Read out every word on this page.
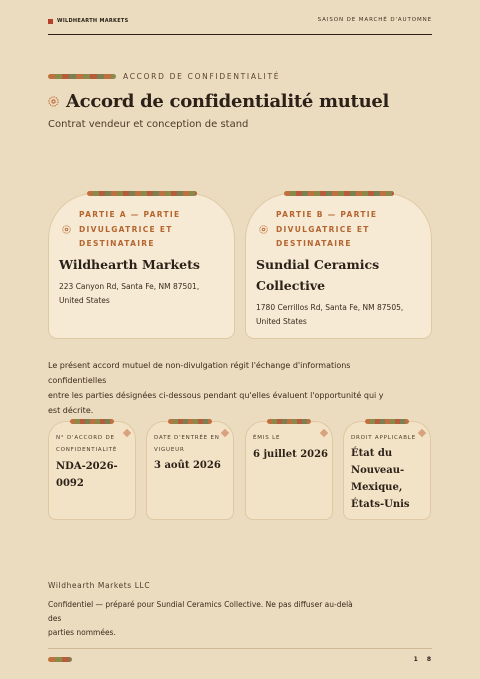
WILDHEARTH MARKETS	SAISON DE MARCHÉ D'AUTOMNE
ACCORD DE CONFIDENTIALITÉ
Accord de confidentialité mutuel
Contrat vendeur et conception de stand
PARTIE A — PARTIE
DIVULGATRICE ET
DESTINATAIRE
Wildhearth Markets
223 Canyon Rd, Santa Fe, NM 87501,
United States
PARTIE B — PARTIE
DIVULGATRICE ET
DESTINATAIRE
Sundial Ceramics
Collective
1780 Cerrillos Rd, Santa Fe, NM 87505,
United States
Le présent accord mutuel de non-divulgation régit l'échange d'informations confidentielles
entre les parties désignées ci-dessous pendant qu'elles évaluent l'opportunité qui y
est décrite.
N° D'ACCORD DE
CONFIDENTIALITÉ
NDA-2026-
0092
DATE D'ENTRÉE EN
VIGUEUR
3 août 2026
ÉMIS LE
6 juillet 2026
DROIT APPLICABLE
État du
Nouveau-
Mexique,
États-Unis
Wildhearth Markets LLC
Confidentiel — préparé pour Sundial Ceramics Collective. Ne pas diffuser au-delà des
parties nommées.
1 8
